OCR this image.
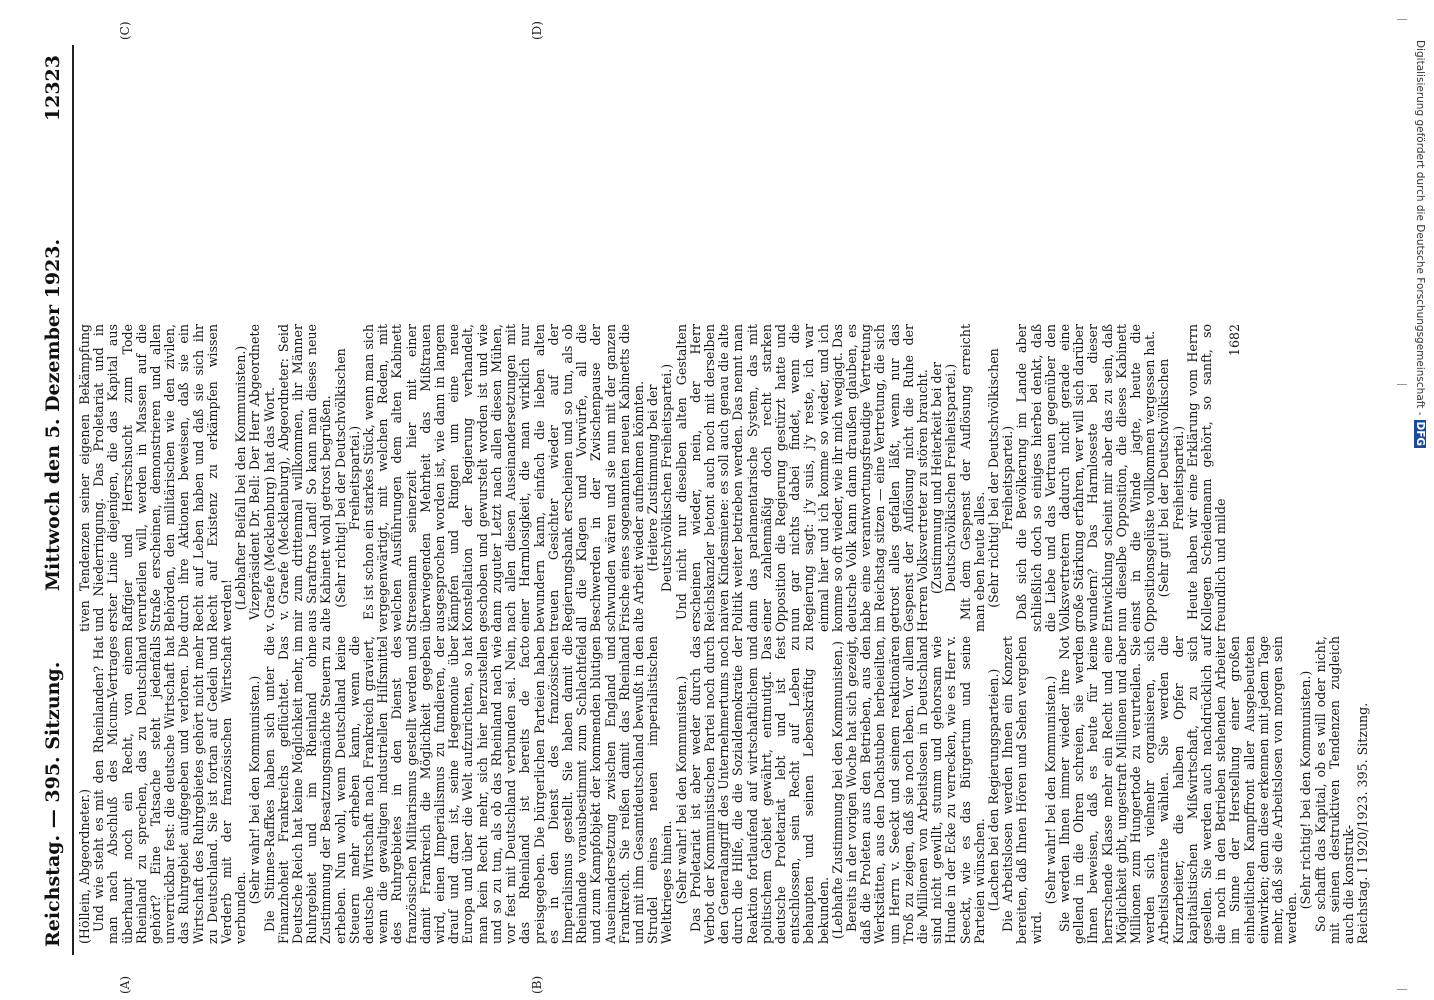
Reichstag. — 395. Sitzung.
Mittwoch den 5. Dezember 1923.
12323
(A)	(B)
(C)	(D)

(Höllein, Abgeordneter.) Und wie steht es mit den Rheinlanden? Hat man nach Abschluß des Micum-Vertrages überhaupt noch ein Recht, von einem Rheinland zu sprechen, das zu Deutschland gehört? Eine Tatsache steht jedenfalls unverrückbar fest: die deutsche Wirtschaft hat das Ruhrgebiet aufgegeben und verloren. Die Wirtschaft des Ruhrgebietes gehört nicht mehr zu Deutschland. Sie ist fortan auf Gedeih und Verderb mit der französischen Wirtschaft verbunden.

(Sehr wahr! bei den Kommunisten.) Die Stinnes-Raffkes haben sich unter die Finanzhoheit Frankreichs geflüchtet. Das Deutsche Reich hat keine Möglichkeit mehr, im Ruhrgebiet und im Rheinland ohne Zustimmung der Besatzungsmächte Steuern zu erheben. Nun wohl, wenn Deutschland keine Steuern mehr erheben kann, wenn die deutsche Wirtschaft nach Frankreich graviert, wenn die gewaltigen industriellen Hilfsmittel des Ruhrgebietes in den Dienst des französischen Militarismus gestellt werden und damit Frankreich die Möglichkeit gegeben wird, einen Imperialismus zu fundieren, der drauf und dran ist, seine Hegemonie über Europa und über die Welt aufzurichten, so hat man kein Recht mehr, sich hier herzustellen und so zu tun, als ob das Rheinland nach wie vor fest mit Deutschland verbunden sei. Nein, das Rheinland ist bereits de facto preisgegeben. Die bürgerlichen Parteien haben es in den Dienst des französischen Imperialismus gestellt. Sie haben damit die Rheinlande vorausbestimmt zum Schlachtfeld und zum Kampfobjekt der kommenden blutigen Auseinandersetzung zwischen England und Frankreich. Sie reißen damit das Rheinland und mit ihm Gesamtdeutschland bewußt in den Strudel eines neuen imperialistischen Weltkrieges hinein. (Sehr wahr! bei den Kommunisten.) Das Proletariat ist aber weder durch das Verbot der Kommunistischen Partei noch durch den Generalangriff des Unternehmertums noch durch die Hilfe, die die Sozialdemokratie der Reaktion fortlaufend auf wirtschaftlichem und politischem Gebiet gewährt, entmutigt. Das deutsche Proletariat lebt und ist fest entschlossen, sein Recht auf Leben zu behaupten und seinen Lebenskräftig zu bekunden. (Lebhafte Zustimmung bei den Kommunisten.) Bereits in der vorigen Woche hat sich gezeigt, daß die Proleten aus den Betrieben, aus den Werkstätten, aus den Dachstuben herbeieilten, um Herrn v. Seeckt und seinem reaktionären Troß zu zeigen, daß sie noch leben. Vor allem die Millionen von Arbeitslosen in Deutschland sind nicht gewillt, stumm und gehorsam wie Hunde in der Ecke zu verrecken, wie es Herr v. Seeckt, wie es das Bürgertum und seine Parteien wünschen. (Lachen bei den Regierungsparteien.) Die Arbeitslosen werden Ihnen ein Konzert bereiten, daß Ihnen Hören und Sehen vergehen wird.

(Sehr wahr! bei den Kommunisten.) Sie werden Ihnen immer wieder ihre Not gellend in die Ohren schreien, sie werden Ihnen beweisen, daß es heute für keine herrschende Klasse mehr ein Recht und eine Möglichkeit gibt, ungestraft Millionen und aber Millionen zum Hungertode zu verurteilen. Sie werden sich vielmehr organisieren, sich Arbeitslosenräte wählen. Sie werden die Kurzarbeiter, die halben Opfer der kapitalistischen Mißwirtschaft, zu sich gesellen. Sie werden auch nachdrücklich auf die noch in den Betrieben stehenden Arbeiter im Sinne der Herstellung einer großen einheitlichen Kampffront aller Ausgebeuteten einwirken; denn diese erkennen mit jedem Tage mehr, daß sie die Arbeitslosen von morgen sein werden.

(Sehr richtig! bei den Kommunisten.) So schafft das Kapital, ob es will oder nicht, mit seinen destruktiven Tendenzen zugleich auch die konstruk- Reichstag. I 1920/1923. 395. Sitzung.

tiven Tendenzen seiner eigenen Bekämpfung und Niederringung. Das Proletariat und in erster Linie diejenigen, die das Kapital aus Raffgier und Herrschsucht zum Tode verurteilen will, werden in Massen auf die Straße erscheinen, demonstrieren und allen Behörden, den militärischen wie den zivilen, durch ihre Aktionen beweisen, daß sie ein Recht auf Leben haben und daß sie sich ihr Recht auf Existenz zu erkämpfen wissen werden! (Lebhafter Beifall bei den Kommunisten.) Vizepräsident Dr. Bell: Der Herr Abgeordnete v. Graefe (Mecklenburg) hat das Wort. v. Graefe (Mecklenburg), Abgeordneter: Seid mir zum drittenmal willkommen, ihr Männer aus Saraftros Land! So kann man dieses neue alte Kabinett wohl getrost begrüßen. (Sehr richtig! bei der Deutschvölkischen Freiheitspartei.) Es ist schon ein starkes Stück, wenn man sich vergegenwärtigt, mit welchen Reden, mit welchen Ausführungen dem alten Kabinett Stresemann seinerzeit hier mit einer überwiegenden Mehrheit das Mißtrauen ausgesprochen worden ist, wie dann in langem Kämpfen und Ringen um eine neue Konstellation der Regierung verhandelt, geschoben und gewurstelt worden ist und wie dann zuguter Letzt nach allen diesen Mühen, nach allen diesen Auseinandersetzungen mit einer Harmlosigkeit, die man wirklich nur bewundern kann, einfach die lieben alten treuen Gesichter wieder auf der Regierungsbank erscheinen und so tun, als ob all die Klagen und Vorwürfe, all die Beschwerden in der Zwischenpause der schwunden wären und sie nun mit der ganzen Frische eines sogenannten neuen Kabinetts die alte Arbeit wieder aufnehmen könnten. (Heitere Zustimmung bei der Deutschvölkischen Freiheitspartei.) Und nicht nur dieselben alten Gestalten erscheinen wieder, nein, der Herr Reichskanzler betont auch noch mit derselben naiven Kindesmiene: es soll auch genau die alte Politik weiter betrieben werden. Das nennt man dann das parlamentarische System, das mit einer zahlenmäßig doch recht starken Opposition die Regierung gestürzt hatte und nun gar nichts dabei findet, wenn die Regierung sagt: j'y suis, j'y reste, ich war einmal hier und ich komme so wieder, und ich komme so oft wieder, wie ihr mich wegjagt. Das deutsche Volk kann dann draußen glauben, es habe eine verantwortungsfreudige Vertretung im Reichstag sitzen — eine Vertretung, die sich getrost alles gefallen läßt, wenn nur das Gespenst der Auflösung nicht die Ruhe der Herren Volksvertreter zu stören braucht. (Zustimmung und Heiterkeit bei der Deutschvölkischen Freiheitspartei.) Mit dem Gespenst der Auflösung erreicht man eben heute alles. (Sehr richtig! bei der Deutschvölkischen Freiheitspartei.) Daß sich die Bevölkerung im Lande aber schließlich doch so einiges hierbei denkt, daß die Liebe und das Vertrauen gegenüber den Volksvertretern dadurch nicht gerade eine große Stärkung erfahren, wer will sich darüber wundern? Das Harmloseste bei dieser Entwicklung scheint mir aber das zu sein, daß nun dieselbe Opposition, die dieses Kabinett einst in die Winde jagte, heute die Oppositionsgelüste vollkommen vergessen hat. (Sehr gut! bei der Deutschvölkischen Freiheitspartei.) Heute haben wir eine Erklärung vom Herrn Kollegen Scheidemann gehört, so sanft, so freundlich und milde

1682	Digitalisierung gefördert durch die Deutsche Forschungsgemeinschaft -DFG
